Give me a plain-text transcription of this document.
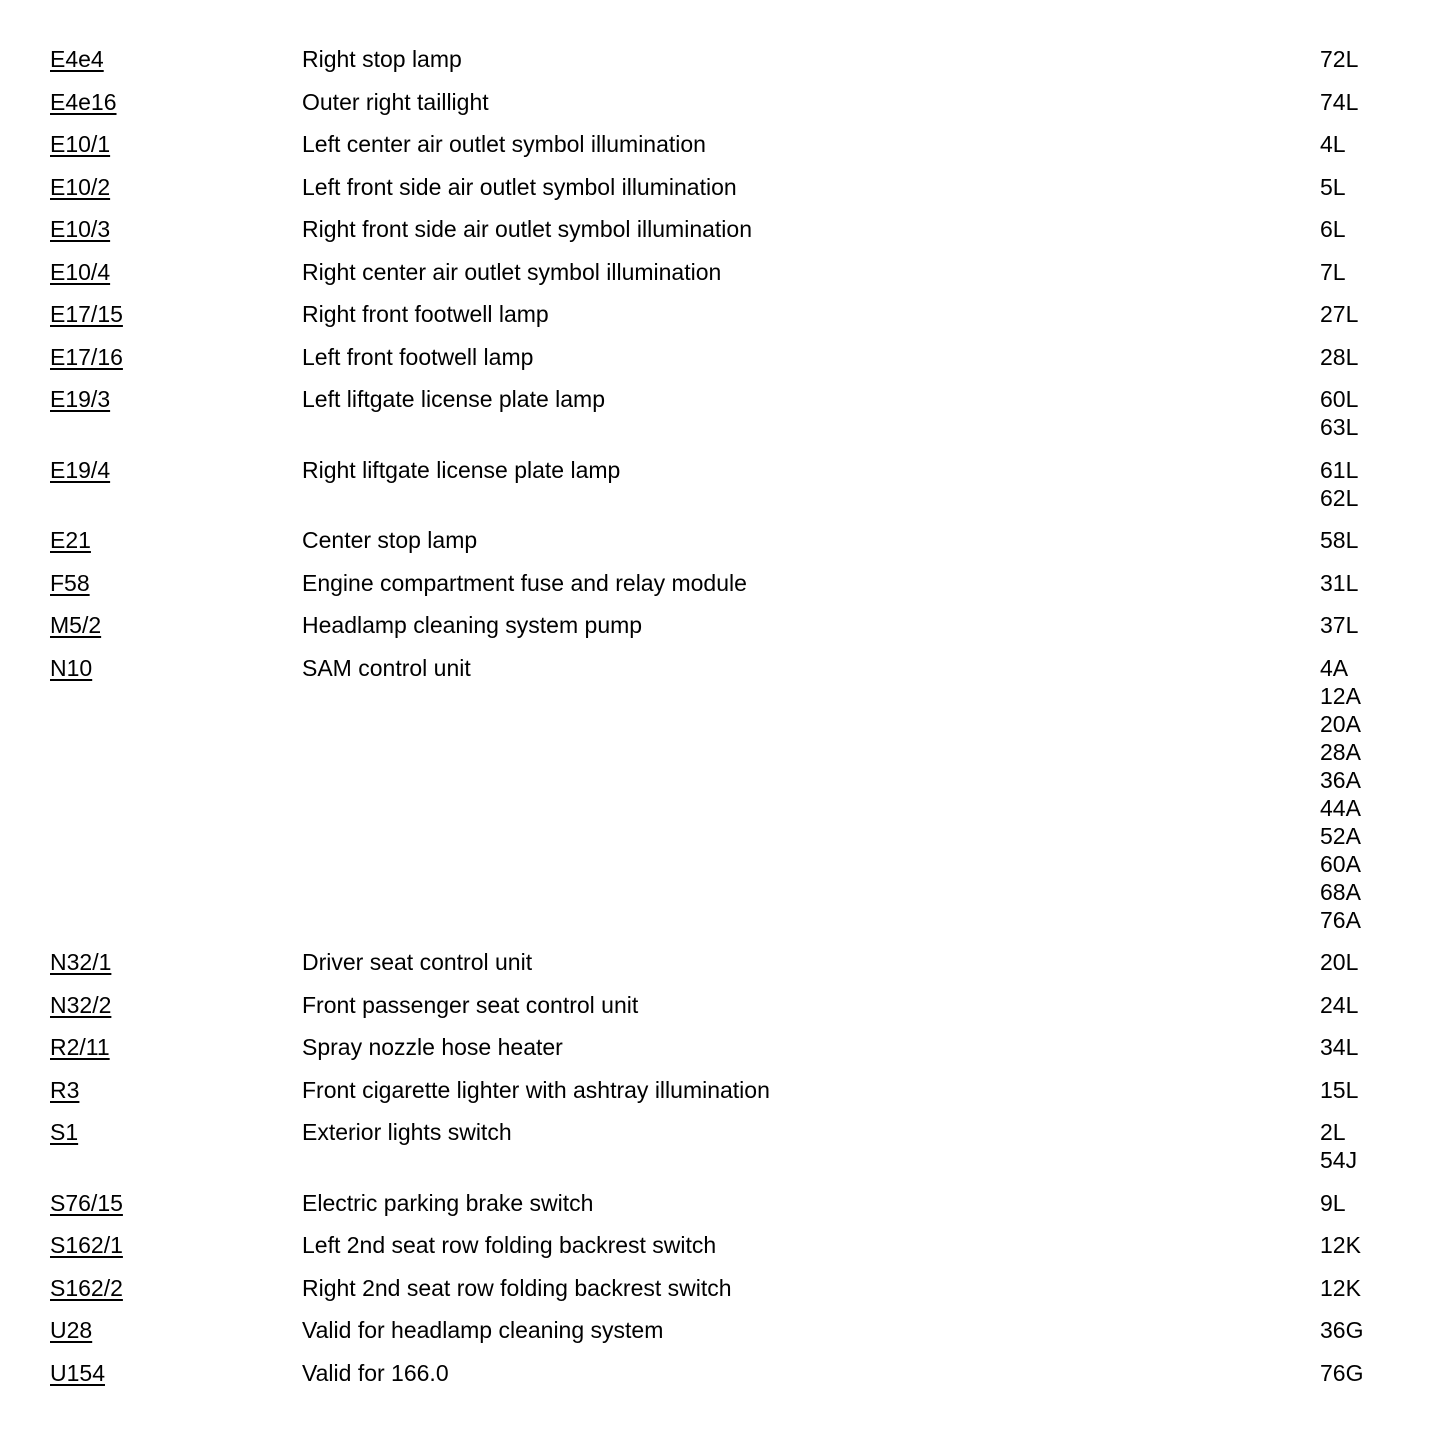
E4e4	Right stop lamp	72L
E4e16	Outer right taillight	74L
E10/1	Left center air outlet symbol illumination	4L
E10/2	Left front side air outlet symbol illumination	5L
E10/3	Right front side air outlet symbol illumination	6L
E10/4	Right center air outlet symbol illumination	7L
E17/15	Right front footwell lamp	27L
E17/16	Left front footwell lamp	28L
E19/3	Left liftgate license plate lamp	60L
63L
E19/4	Right liftgate license plate lamp	61L
62L
E21	Center stop lamp	58L
F58	Engine compartment fuse and relay module	31L
M5/2	Headlamp cleaning system pump	37L
N10	SAM control unit	4A
12A
20A
28A
36A
44A
52A
60A
68A
76A
N32/1	Driver seat control unit	20L
N32/2	Front passenger seat control unit	24L
R2/11	Spray nozzle hose heater	34L
R3	Front cigarette lighter with ashtray illumination	15L
S1	Exterior lights switch	2L
54J
S76/15	Electric parking brake switch	9L
S162/1	Left 2nd seat row folding backrest switch	12K
S162/2	Right 2nd seat row folding backrest switch	12K
U28	Valid for headlamp cleaning system	36G
U154	Valid for 166.0	76G
